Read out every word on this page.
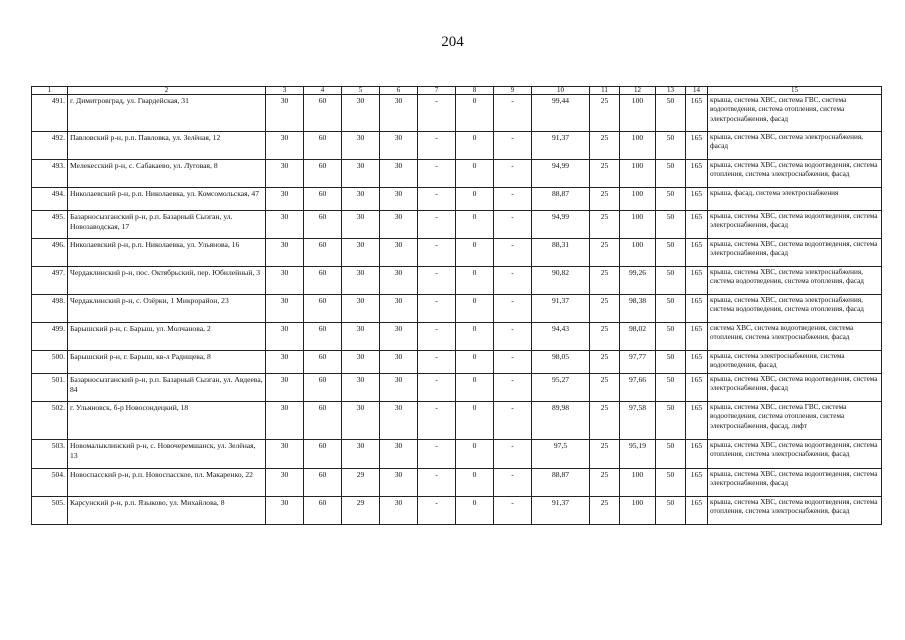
204
1	2	3	4	5	6	7	8	9	10	11	12	13	14	15
491.	г. Димитровград, ул. Гвардейская, 31	30	60	30	30	-	0	-	99,44	25	100	50	165	крыша, система ХВС, система ГВС, система водоотведения, система отопления, система электроснабжения, фасад
492.	Павловский р-н, р.п. Павловка, ул. Зелёная, 12	30	60	30	30	-	0	-	91,37	25	100	50	165	крыша, система ХВС, система электроснабжения, фасад
493.	Мелекесский р-н, с. Сабакаево, ул. Луговая, 8	30	60	30	30	-	0	-	94,99	25	100	50	165	крыша, система ХВС, система водоотведения, система отопления, система электроснабжения, фасад
494.	Николаевский р-н, р.п. Николаевка, ул. Комсомольская, 47	30	60	30	30	-	0	-	88,87	25	100	50	165	крыша, фасад, система электроснабжения
495.	Базарносызганский р-н, р.п. Базарный Сызган, ул. Новозаводская, 17	30	60	30	30	-	0	-	94,99	25	100	50	165	крыша, система ХВС, система водоотведения, система электроснабжения, фасад
496.	Николаевский р-н, р.п. Николаевка, ул. Ульянова, 16	30	60	30	30	-	0	-	88,31	25	100	50	165	крыша, система ХВС, система водоотведения, система электроснабжения, фасад
497.	Чердаклинский р-н, пос. Октябрьский, пер. Юбилейный, 3	30	60	30	30	-	0	-	90,82	25	99,26	50	165	крыша, система ХВС, система электроснабжения, система водоотведения, система отопления, фасад
498.	Чердаклинский р-н, с. Озёрки, 1 Микрорайон, 23	30	60	30	30	-	0	-	91,37	25	98,38	50	165	крыша, система ХВС, система электроснабжения, система водоотведения, система отопления, фасад
499.	Барышский р-н, г. Барыш, ул. Молчанова, 2	30	60	30	30	-	0	-	94,43	25	98,02	50	165	система ХВС, система водоотведения, система отопления, система электроснабжения, фасад
500.	Барышский р-н, г. Барыш, кв-л Радищева, 8	30	60	30	30	-	0	-	98,05	25	97,77	50	165	крыша, система электроснабжения, система водоотведения, фасад
501.	Базарносызганский р-н, р.п. Базарный Сызган, ул. Авдеева, 84	30	60	30	30	-	0	-	95,27	25	97,66	50	165	крыша, система ХВС, система водоотведения, система электроснабжения, фасад
502.	г. Ульяновск, б-р Новосондецкий, 18	30	60	30	30	-	0	-	89,98	25	97,58	50	165	крыша, система ХВС, система ГВС, система водоотведения, система отопления, система электроснабжения, фасад, лифт
503.	Новомалыклинский р-н, с. Новочеремшанск, ул. Зелёная, 13	30	60	30	30	-	0	-	97,5	25	95,19	50	165	крыша, система ХВС, система водоотведения, система отопления, система электроснабжения, фасад
504.	Новоспасский р-н, р.п. Новоспасское, пл. Макаренко, 22	30	60	29	30	-	0	-	88,87	25	100	50	165	крыша, система ХВС, система водоотведения, система электроснабжения, фасад
505.	Карсунский р-н, р.п. Языково, ул. Михайлова, 8	30	60	29	30	-	0	-	91,37	25	100	50	165	крыша, система ХВС, система водоотведения, система отопления, система электроснабжения, фасад
